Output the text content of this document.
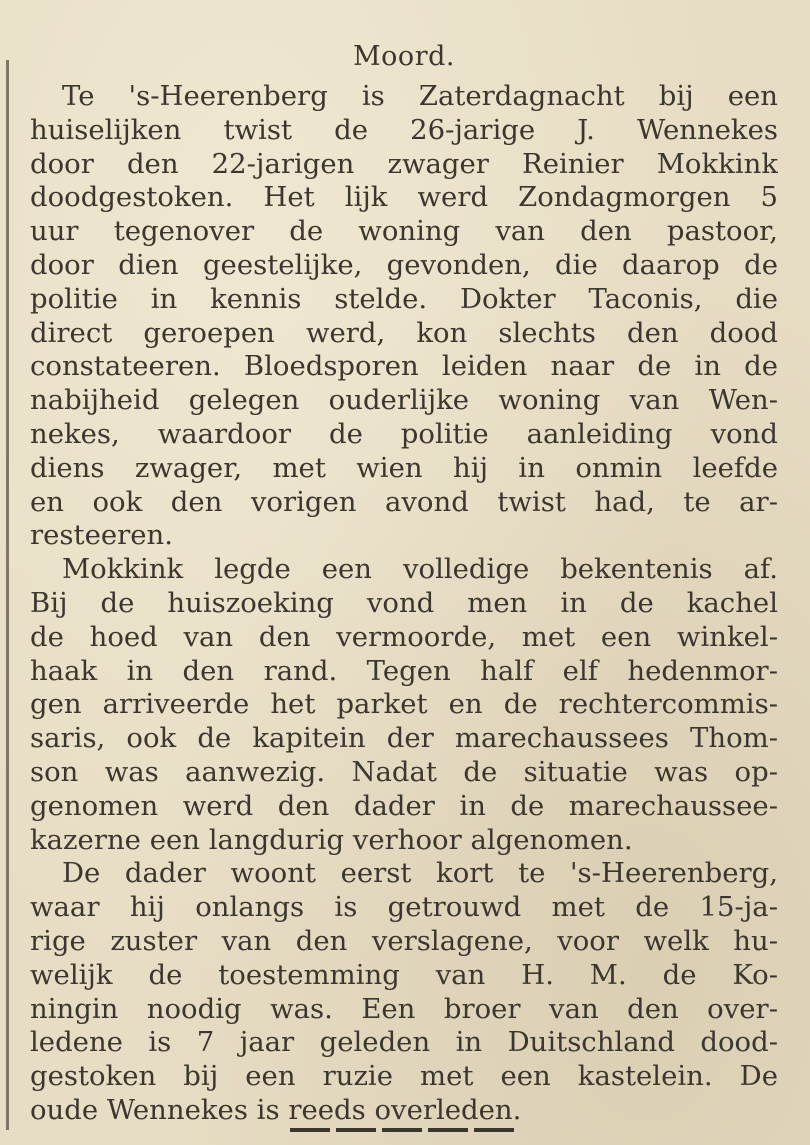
Moord.
Te 's-Heerenberg is Zaterdagnacht bij een
huiselijken twist de 26-jarige J. Wennekes
door den 22-jarigen zwager Reinier Mokkink
doodgestoken. Het lijk werd Zondagmorgen 5
uur tegenover de woning van den pastoor,
door dien geestelijke, gevonden, die daarop de
politie in kennis stelde. Dokter Taconis, die
direct geroepen werd, kon slechts den dood
constateeren. Bloedsporen leiden naar de in de
nabijheid gelegen ouderlijke woning van Wen-
nekes, waardoor de politie aanleiding vond
diens zwager, met wien hij in onmin leefde
en ook den vorigen avond twist had, te ar-
resteeren.
Mokkink legde een volledige bekentenis af.
Bij de huiszoeking vond men in de kachel
de hoed van den vermoorde, met een winkel-
haak in den rand. Tegen half elf hedenmor-
gen arriveerde het parket en de rechtercommis-
saris, ook de kapitein der marechaussees Thom-
son was aanwezig. Nadat de situatie was op-
genomen werd den dader in de marechaussee-
kazerne een langdurig verhoor algenomen.
De dader woont eerst kort te 's-Heerenberg,
waar hij onlangs is getrouwd met de 15-ja-
rige zuster van den verslagene, voor welk hu-
welijk de toestemming van H. M. de Ko-
ningin noodig was. Een broer van den over-
ledene is 7 jaar geleden in Duitschland dood-
gestoken bij een ruzie met een kastelein. De
oude Wennekes is reeds overleden.
